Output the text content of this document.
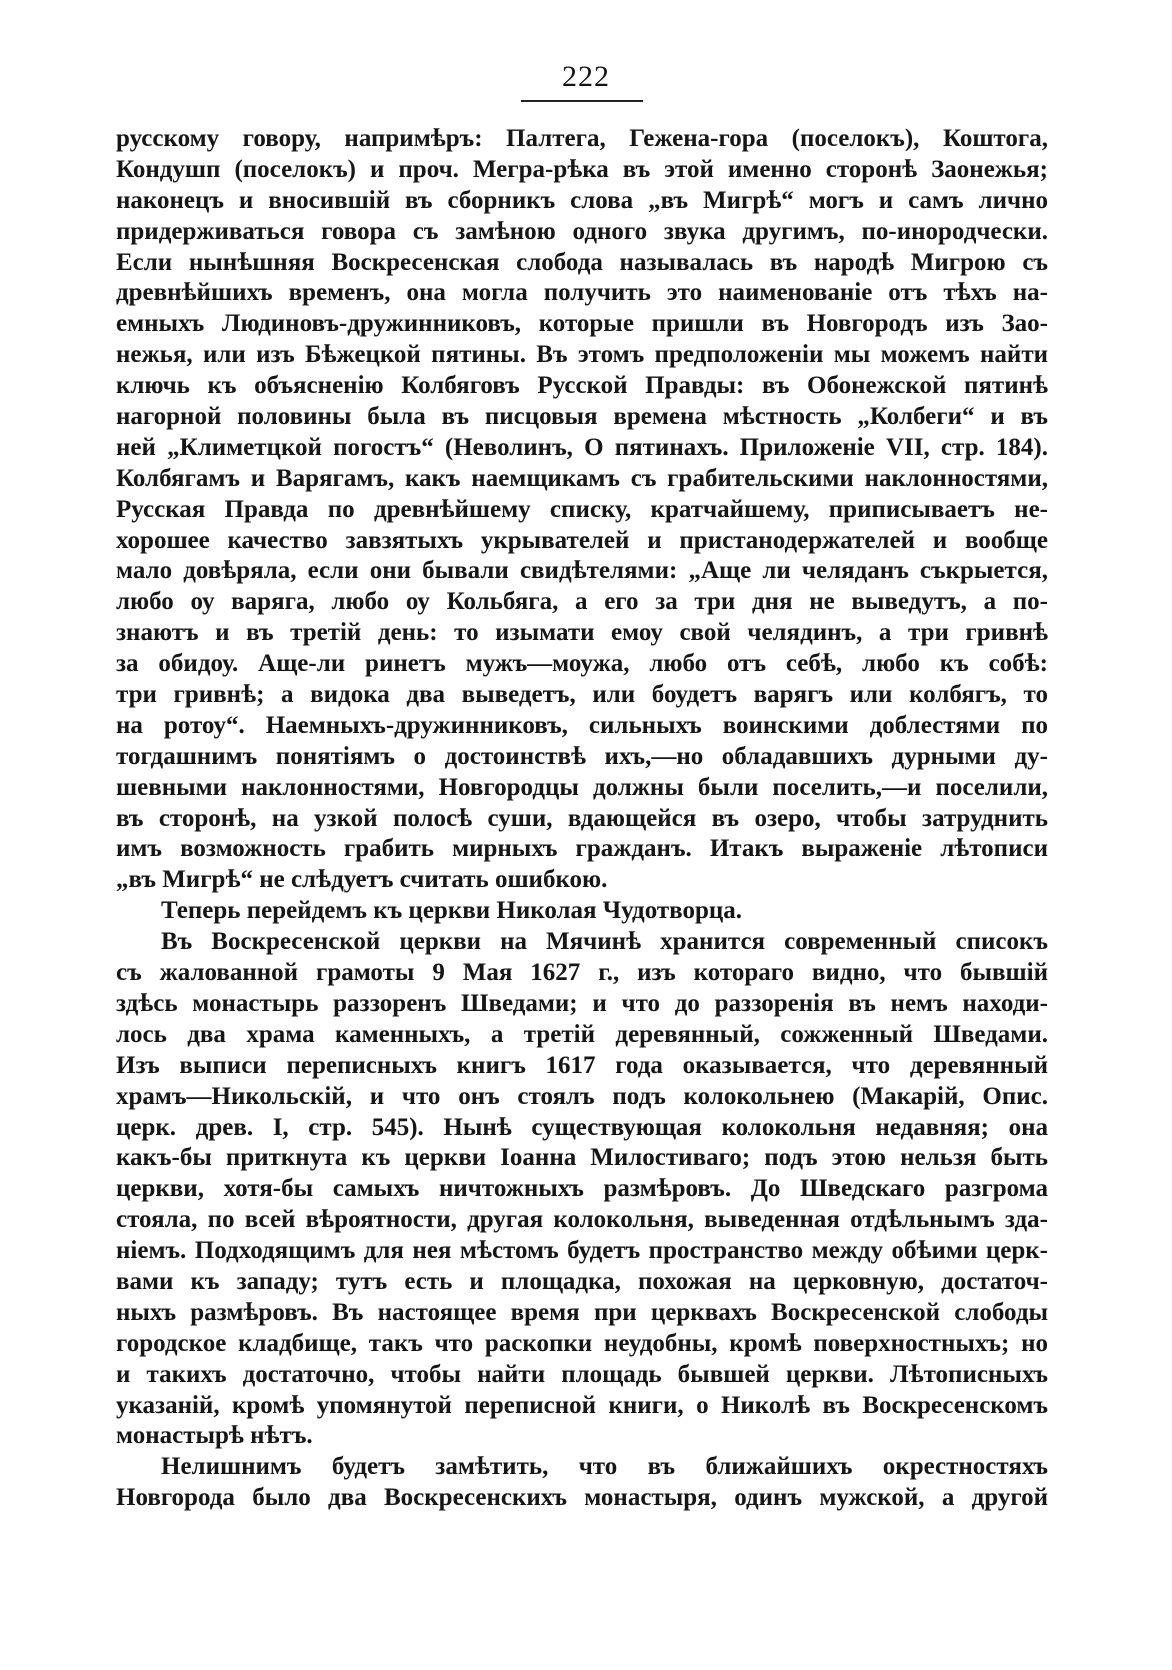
222
русскому говору, напримѣръ: Палтега, Гежена-гора (поселокъ), Коштога,
Кондушп (поселокъ) и проч. Мегра-рѣка въ этой именно сторонѣ Заонежья;
наконецъ и вносившій въ сборникъ слова „въ Мигрѣ“ могъ и самъ лично
придерживаться говора съ замѣною одного звука другимъ, по-инородчески.
Если нынѣшняя Воскресенская слобода называлась въ народѣ Мигрою съ
древнѣйшихъ временъ, она могла получить это наименованіе отъ тѣхъ на-
емныхъ Людиновъ-дружинниковъ, которые пришли въ Новгородъ изъ Зао-
нежья, или изъ Бѣжецкой пятины. Въ этомъ предположеніи мы можемъ найти
ключь къ объясненію Колбяговъ Русской Правды: въ Обонежской пятинѣ
нагорной половины была въ писцовыя времена мѣстность „Колбеги“ и въ
ней „Климетцкой погостъ“ (Неволинъ, О пятинахъ. Приложеніе VII, стр. 184).
Колбягамъ и Варягамъ, какъ наемщикамъ съ грабительскими наклонностями,
Русская Правда по древнѣйшему списку, кратчайшему, приписываетъ не-
хорошее качество завзятыхъ укрывателей и пристанодержателей и вообще
мало довѣряла, если они бывали свидѣтелями: „Аще ли челяданъ съкрыется,
любо оу варяга, любо оу Кольбяга, а его за три дня не выведутъ, а по-
знаютъ и въ третій день: то изымати емоу свой челядинъ, а три гривнѣ
за обидоу. Аще-ли ринетъ мужъ—моужа, любо отъ себѣ, любо къ собѣ:
три гривнѣ; а видока два выведетъ, или боудетъ варягъ или колбягъ, то
на ротоу“. Наемныхъ-дружинниковъ, сильныхъ воинскими доблестями по
тогдашнимъ понятіямъ о достоинствѣ ихъ,—но обладавшихъ дурными ду-
шевными наклонностями, Новгородцы должны были поселить,—и поселили,
въ сторонѣ, на узкой полосѣ суши, вдающейся въ озеро, чтобы затруднить
имъ возможность грабить мирныхъ гражданъ. Итакъ выраженіе лѣтописи
„въ Мигрѣ“ не слѣдуетъ считать ошибкою.
Теперь перейдемъ къ церкви Николая Чудотворца.
Въ Воскресенской церкви на Мячинѣ хранится современный списокъ
съ жалованной грамоты 9 Мая 1627 г., изъ котораго видно, что бывшій
здѣсь монастырь раззоренъ Шведами; и что до раззоренія въ немъ находи-
лось два храма каменныхъ, а третій деревянный, сожженный Шведами.
Изъ выписи переписныхъ книгъ 1617 года оказывается, что деревянный
храмъ—Никольскій, и что онъ стоялъ подъ колокольнею (Макарій, Опис.
церк. древ. I, стр. 545). Нынѣ существующая колокольня недавняя; она
какъ-бы приткнута къ церкви Іоанна Милостиваго; подъ этою нельзя быть
церкви, хотя-бы самыхъ ничтожныхъ размѣровъ. До Шведскаго разгрома
стояла, по всей вѣроятности, другая колокольня, выведенная отдѣльнымъ зда-
ніемъ. Подходящимъ для нея мѣстомъ будетъ пространство между обѣими церк-
вами къ западу; тутъ есть и площадка, похожая на церковную, достаточ-
ныхъ размѣровъ. Въ настоящее время при церквахъ Воскресенской слободы
городское кладбище, такъ что раскопки неудобны, кромѣ поверхностныхъ; но
и такихъ достаточно, чтобы найти площадь бывшей церкви. Лѣтописныхъ
указаній, кромѣ упомянутой переписной книги, о Николѣ въ Воскресенскомъ
монастырѣ нѣтъ.
Нелишнимъ будетъ замѣтить, что въ ближайшихъ окрестностяхъ
Новгорода было два Воскресенскихъ монастыря, одинъ мужской, а другой
